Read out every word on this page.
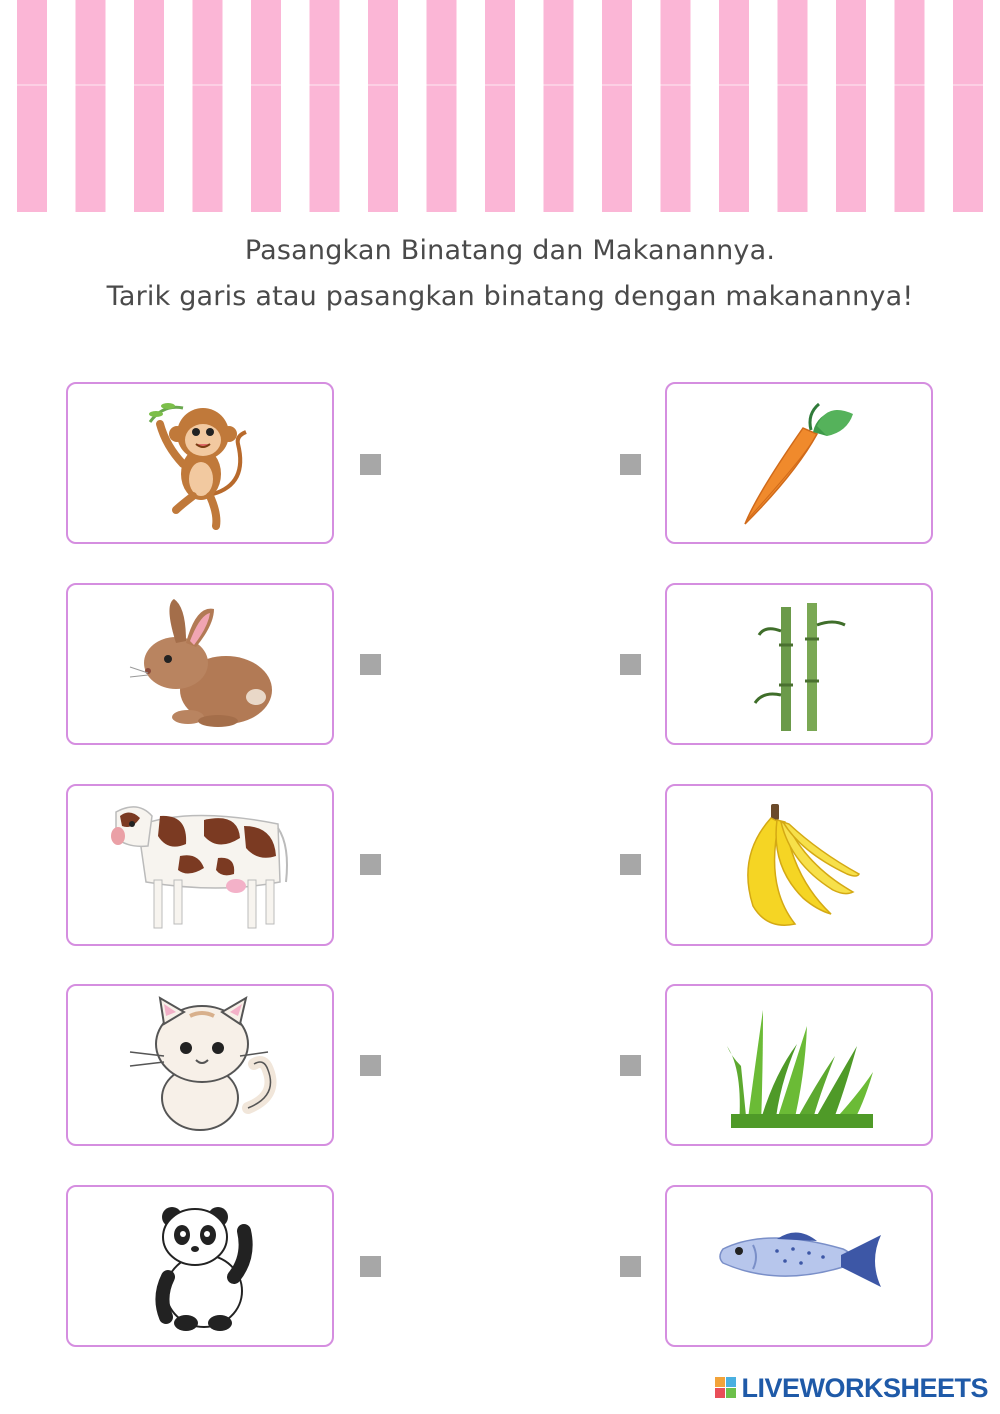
Pasangkan Binatang dan Makanannya.
Tarik garis atau pasangkan binatang dengan makanannya!
LIVEWORKSHEETS
